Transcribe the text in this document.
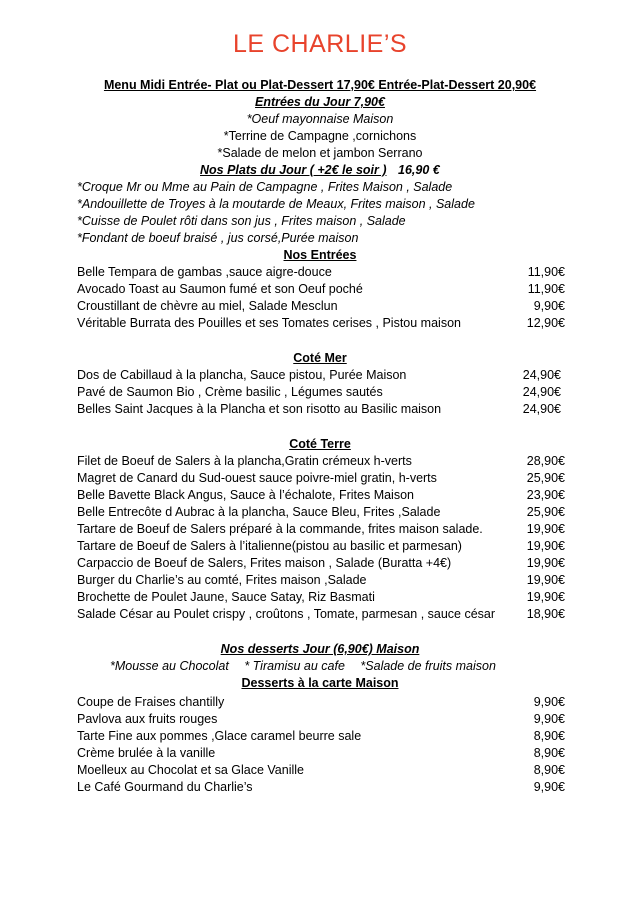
LE CHARLIE’S
Menu Midi Entrée- Plat ou Plat-Dessert 17,90€ Entrée-Plat-Dessert 20,90€
Entrées du Jour 7,90€
*Oeuf mayonnaise Maison
*Terrine de Campagne ,cornichons
*Salade de melon et jambon Serrano
Nos Plats du Jour ( +2€ le soir ) 16,90 €
*Croque Mr ou Mme au Pain de Campagne , Frites Maison , Salade
*Andouillette de Troyes à la moutarde de Meaux, Frites maison , Salade
*Cuisse de Poulet rôti dans son jus , Frites maison , Salade
*Fondant de boeuf braisé , jus corsé,Purée maison
Nos Entrées
Belle Tempara de gambas ,sauce aigre-douce	11,90€
Avocado Toast au Saumon fumé et son Oeuf poché	11,90€
Croustillant de chèvre au miel, Salade Mesclun	9,90€
Véritable Burrata des Pouilles et ses Tomates cerises , Pistou maison	12,90€
Coté Mer
Dos de Cabillaud à la plancha, Sauce pistou, Purée Maison	24,90€
Pavé de Saumon Bio , Crème basilic , Légumes sautés	24,90€
Belles Saint Jacques à la Plancha et son risotto au Basilic maison	24,90€
Coté Terre
Filet de Boeuf de Salers à la plancha,Gratin crémeux h-verts	28,90€
Magret de Canard du Sud-ouest sauce poivre-miel gratin, h-verts	25,90€
Belle Bavette Black Angus, Sauce à l’échalote, Frites Maison	23,90€
Belle Entrecôte d Aubrac à la plancha, Sauce Bleu, Frites ,Salade	25,90€
Tartare de Boeuf de Salers préparé à la commande, frites maison salade.	19,90€
Tartare de Boeuf de Salers à l’italienne(pistou au basilic et parmesan)	19,90€
Carpaccio de Boeuf de Salers, Frites maison , Salade (Buratta +4€)	19,90€
Burger du Charlie’s au comté, Frites maison ,Salade	19,90€
Brochette de Poulet Jaune, Sauce Satay, Riz Basmati	19,90€
Salade César au Poulet crispy , croûtons , Tomate, parmesan , sauce césar	18,90€
Nos desserts Jour (6,90€) Maison
*Mousse au Chocolat * Tiramisu au cafe *Salade de fruits maison
Desserts à la carte Maison
Coupe de Fraises chantilly	9,90€
Pavlova aux fruits rouges	9,90€
Tarte Fine aux pommes ,Glace caramel beurre sale	8,90€
Crème brulée à la vanille	8,90€
Moelleux au Chocolat et sa Glace Vanille	8,90€
Le Café Gourmand du Charlie’s	9,90€
